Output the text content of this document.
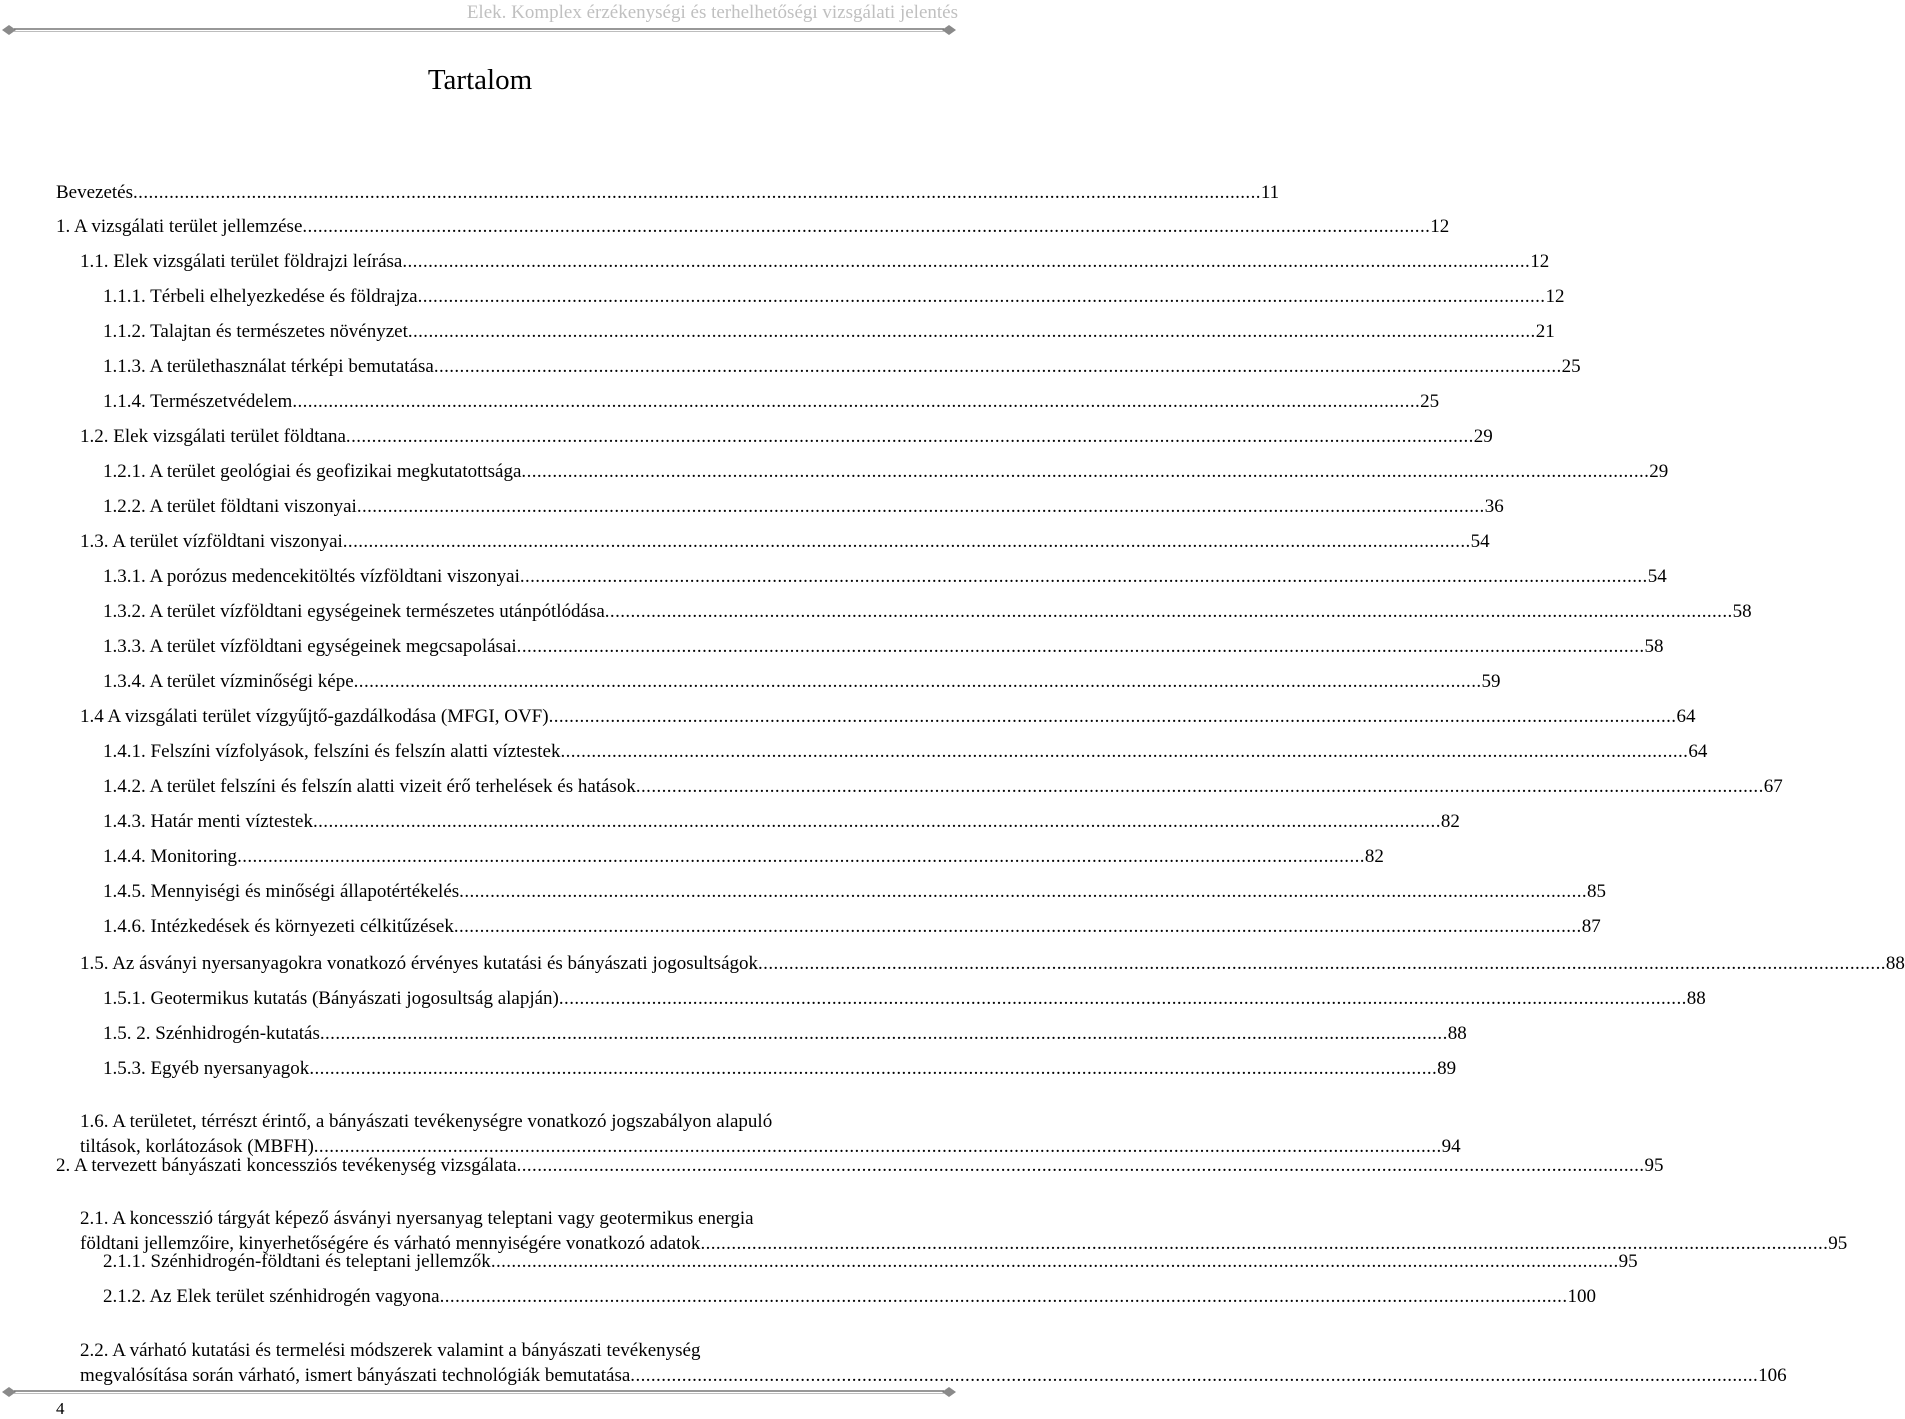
Elek. Komplex érzékenységi és terhelhetőségi vizsgálati jelentés
Tartalom
Bevezetés ........................................................................................................................................................................................................................... 11
1. A vizsgálati terület jellemzése ........................................................................................................................................................................................................................... 12
1.1. Elek vizsgálati terület földrajzi leírása ........................................................................................................................................................................................................................... 12
1.1.1. Térbeli elhelyezkedése és földrajza ........................................................................................................................................................................................................................... 12
1.1.2. Talajtan és természetes növényzet ........................................................................................................................................................................................................................... 21
1.1.3. A területhasználat térképi bemutatása ........................................................................................................................................................................................................................... 25
1.1.4. Természetvédelem ........................................................................................................................................................................................................................... 25
1.2. Elek vizsgálati terület földtana ........................................................................................................................................................................................................................... 29
1.2.1. A terület geológiai és geofizikai megkutatottsága ........................................................................................................................................................................................................................... 29
1.2.2. A terület földtani viszonyai ........................................................................................................................................................................................................................... 36
1.3. A terület vízföldtani viszonyai ........................................................................................................................................................................................................................... 54
1.3.1. A porózus medencekitöltés vízföldtani viszonyai ........................................................................................................................................................................................................................... 54
1.3.2. A terület vízföldtani egységeinek természetes utánpótlódása ........................................................................................................................................................................................................................... 58
1.3.3. A terület vízföldtani egységeinek megcsapolásai ........................................................................................................................................................................................................................... 58
1.3.4. A terület vízminőségi képe ........................................................................................................................................................................................................................... 59
1.4 A vizsgálati terület vízgyűjtő-gazdálkodása (MFGI, OVF) ........................................................................................................................................................................................................................... 64
1.4.1. Felszíni vízfolyások, felszíni és felszín alatti víztestek ........................................................................................................................................................................................................................... 64
1.4.2. A terület felszíni és felszín alatti vizeit érő terhelések és hatások ........................................................................................................................................................................................................................... 67
1.4.3. Határ menti víztestek ........................................................................................................................................................................................................................... 82
1.4.4. Monitoring ........................................................................................................................................................................................................................... 82
1.4.5. Mennyiségi és minőségi állapotértékelés ........................................................................................................................................................................................................................... 85
1.4.6. Intézkedések és környezeti célkitűzések ........................................................................................................................................................................................................................... 87
1.5. Az ásványi nyersanyagokra vonatkozó érvényes kutatási és bányászati jogosultságok ........................................................................................................................................................................................................................... 88
1.5.1. Geotermikus kutatás (Bányászati jogosultság alapján) ........................................................................................................................................................................................................................... 88
1.5. 2. Szénhidrogén-kutatás ........................................................................................................................................................................................................................... 88
1.5.3. Egyéb nyersanyagok ........................................................................................................................................................................................................................... 89
1.6. A területet, térrészt érintő, a bányászati tevékenységre vonatkozó jogszabályon alapuló
tiltások, korlátozások (MBFH) ........................................................................................................................................................................................................................... 94
2. A tervezett bányászati koncessziós tevékenység vizsgálata ........................................................................................................................................................................................................................... 95
2.1. A koncesszió tárgyát képező ásványi nyersanyag teleptani vagy geotermikus energia
földtani jellemzőire, kinyerhetőségére és várható mennyiségére vonatkozó adatok ........................................................................................................................................................................................................................... 95
2.1.1. Szénhidrogén-földtani és teleptani jellemzők ........................................................................................................................................................................................................................... 95
2.1.2. Az Elek terület szénhidrogén vagyona ........................................................................................................................................................................................................................... 100
2.2. A várható kutatási és termelési módszerek valamint a bányászati tevékenység
megvalósítása során várható, ismert bányászati technológiák bemutatása ........................................................................................................................................................................................................................... 106
4
